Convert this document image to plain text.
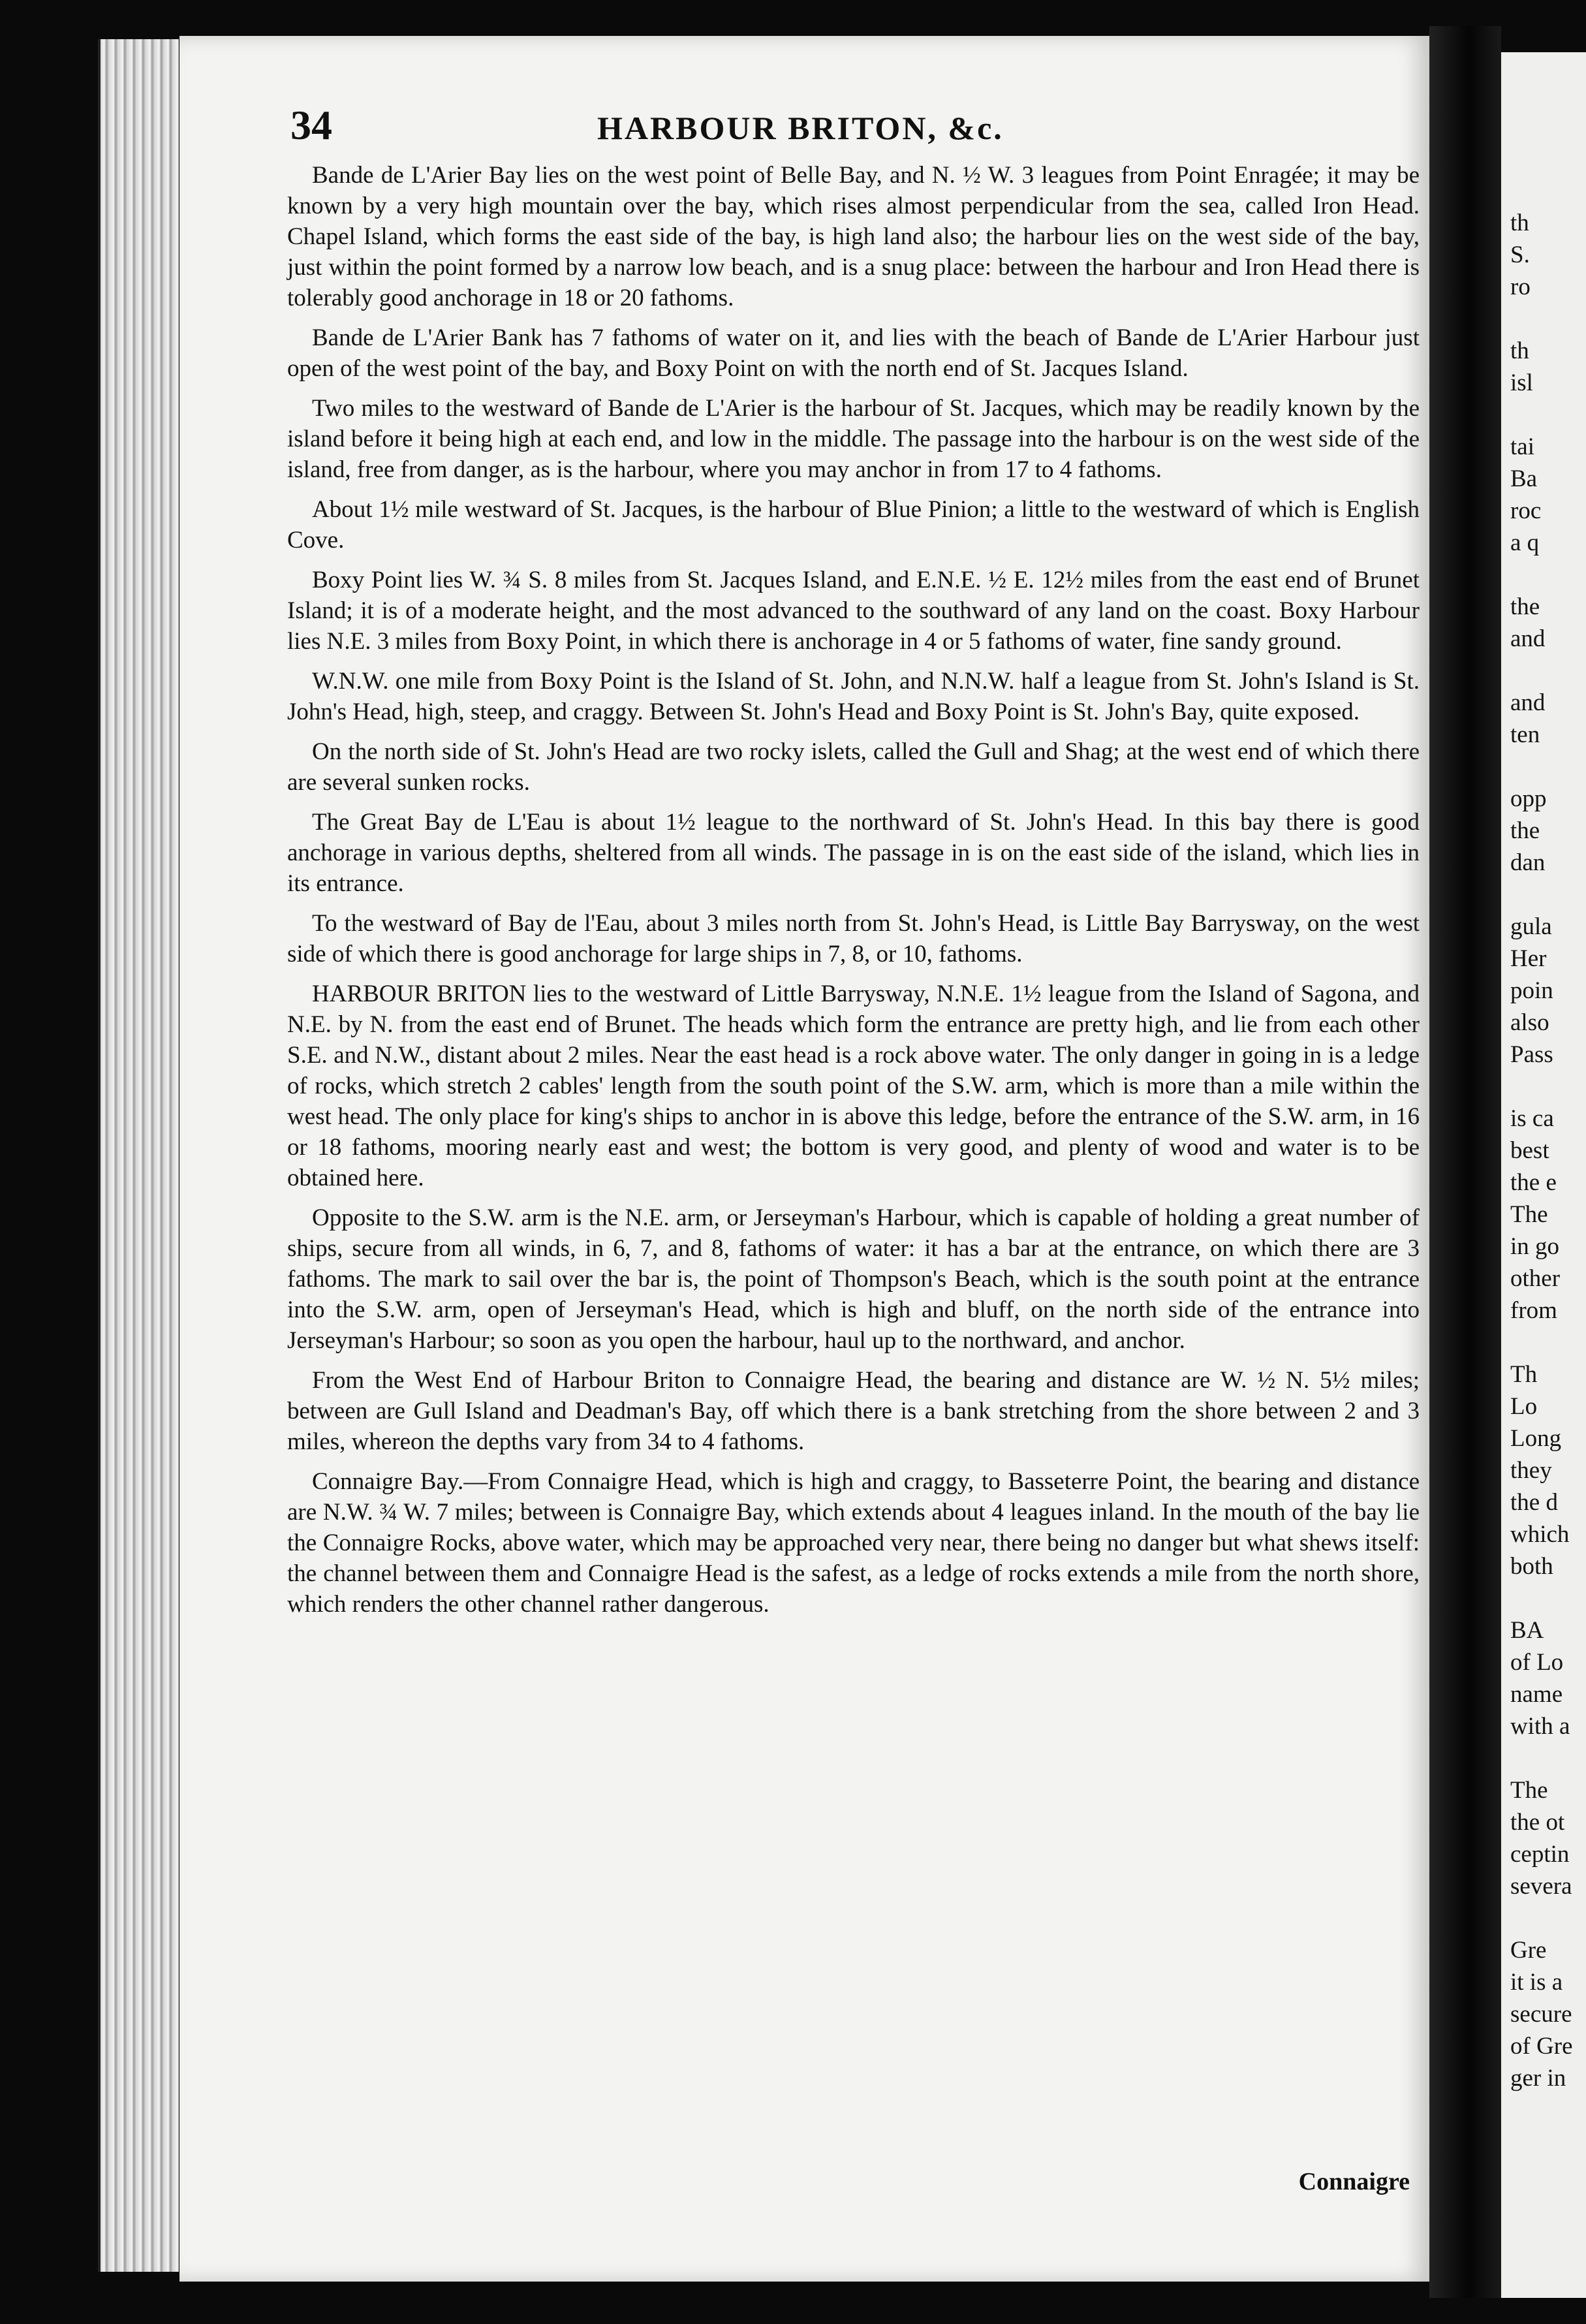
34	HARBOUR BRITON, &c.

Bande de L'Arier Bay lies on the west point of Belle Bay, and N. ½ W. 3 leagues from Point Enragée; it may be known by a very high mountain over the bay, which rises almost perpendicular from the sea, called Iron Head. Chapel Island, which forms the east side of the bay, is high land also; the harbour lies on the west side of the bay, just within the point formed by a narrow low beach, and is a snug place: between the harbour and Iron Head there is tolerably good anchorage in 18 or 20 fathoms.

Bande de L'Arier Bank has 7 fathoms of water on it, and lies with the beach of Bande de L'Arier Harbour just open of the west point of the bay, and Boxy Point on with the north end of St. Jacques Island.

Two miles to the westward of Bande de L'Arier is the harbour of St. Jacques, which may be readily known by the island before it being high at each end, and low in the middle. The passage into the harbour is on the west side of the island, free from danger, as is the harbour, where you may anchor in from 17 to 4 fathoms.

About 1½ mile westward of St. Jacques, is the harbour of Blue Pinion; a little to the westward of which is English Cove.

Boxy Point lies W. ¾ S. 8 miles from St. Jacques Island, and E.N.E. ½ E. 12½ miles from the east end of Brunet Island; it is of a moderate height, and the most advanced to the southward of any land on the coast. Boxy Harbour lies N.E. 3 miles from Boxy Point, in which there is anchorage in 4 or 5 fathoms of water, fine sandy ground.

W.N.W. one mile from Boxy Point is the Island of St. John, and N.N.W. half a league from St. John's Island is St. John's Head, high, steep, and craggy. Between St. John's Head and Boxy Point is St. John's Bay, quite exposed.

On the north side of St. John's Head are two rocky islets, called the Gull and Shag; at the west end of which there are several sunken rocks.

The Great Bay de L'Eau is about 1½ league to the northward of St. John's Head. In this bay there is good anchorage in various depths, sheltered from all winds. The passage in is on the east side of the island, which lies in its entrance.

To the westward of Bay de l'Eau, about 3 miles north from St. John's Head, is Little Bay Barrysway, on the west side of which there is good anchorage for large ships in 7, 8, or 10, fathoms.

HARBOUR BRITON lies to the westward of Little Barrysway, N.N.E. 1½ league from the Island of Sagona, and N.E. by N. from the east end of Brunet. The heads which form the entrance are pretty high, and lie from each other S.E. and N.W., distant about 2 miles. Near the east head is a rock above water. The only danger in going in is a ledge of rocks, which stretch 2 cables' length from the south point of the S.W. arm, which is more than a mile within the west head. The only place for king's ships to anchor in is above this ledge, before the entrance of the S.W. arm, in 16 or 18 fathoms, mooring nearly east and west; the bottom is very good, and plenty of wood and water is to be obtained here.

Opposite to the S.W. arm is the N.E. arm, or Jerseyman's Harbour, which is capable of holding a great number of ships, secure from all winds, in 6, 7, and 8, fathoms of water: it has a bar at the entrance, on which there are 3 fathoms. The mark to sail over the bar is, the point of Thompson's Beach, which is the south point at the entrance into the S.W. arm, open of Jerseyman's Head, which is high and bluff, on the north side of the entrance into Jerseyman's Harbour; so soon as you open the harbour, haul up to the northward, and anchor.

From the West End of Harbour Briton to Connaigre Head, the bearing and distance are W. ½ N. 5½ miles; between are Gull Island and Deadman's Bay, off which there is a bank stretching from the shore between 2 and 3 miles, whereon the depths vary from 34 to 4 fathoms.

Connaigre Bay.—From Connaigre Head, which is high and craggy, to Basseterre Point, the bearing and distance are N.W. ¾ W. 7 miles; between is Connaigre Bay, which extends about 4 leagues inland. In the mouth of the bay lie the Connaigre Rocks, above water, which may be approached very near, there being no danger but what shews itself: the channel between them and Connaigre Head is the safest, as a ledge of rocks extends a mile from the north shore, which renders the other channel rather dangerous.

Connaigre
th
S.
ro
th
isl
tai
Ba
roc
a q
the
and
and
ten
opp
the
dan
gula
Her
poin
also
Pass
is ca
best
the e
The
in go
other
from
Th
Lo
Long
they
the d
which
both
BA
of Lo
name
with a
The
the ot
ceptin
severa
Gre
it is a
secure
of Gre
ger in
